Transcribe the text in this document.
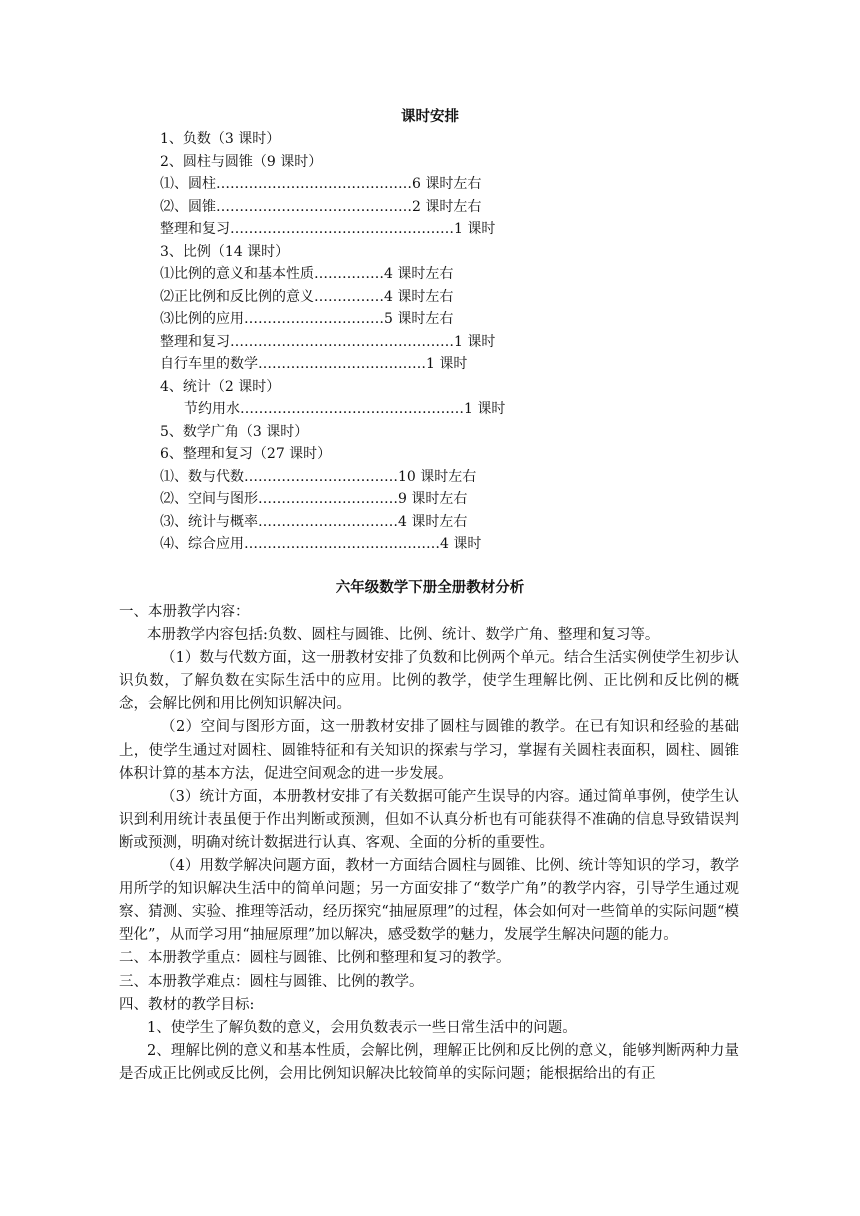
课时安排
1、负数（3 课时）
2、圆柱与圆锥（9 课时）
⑴、圆柱……………………………………6 课时左右
⑵、圆锥……………………………………2 课时左右
整理和复习…………………………………………1 课时
3、比例（14 课时）
⑴比例的意义和基本性质……………4 课时左右
⑵正比例和反比例的意义……………4 课时左右
⑶比例的应用…………………………5 课时左右
整理和复习…………………………………………1 课时
自行车里的数学………………………………1 课时
4、统计（2 课时）
节约用水…………………………………………1 课时
5、数学广角（3 课时）
6、整理和复习（27 课时）
⑴、数与代数……………………………10 课时左右
⑵、空间与图形…………………………9 课时左右
⑶、统计与概率…………………………4 课时左右
⑷、综合应用……………………………………4 课时
六年级数学下册全册教材分析
一、本册教学内容：
本册教学内容包括:负数、圆柱与圆锥、比例、统计、数学广角、整理和复习等。
（1）数与代数方面，这一册教材安排了负数和比例两个单元。结合生活实例使学生初步认识负数，了解负数在实际生活中的应用。比例的教学，使学生理解比例、正比例和反比例的概念，会解比例和用比例知识解决问。
（2）空间与图形方面，这一册教材安排了圆柱与圆锥的教学。在已有知识和经验的基础上，使学生通过对圆柱、圆锥特征和有关知识的探索与学习，掌握有关圆柱表面积，圆柱、圆锥体积计算的基本方法，促进空间观念的进一步发展。
（3）统计方面，本册教材安排了有关数据可能产生误导的内容。通过简单事例，使学生认识到利用统计表虽便于作出判断或预测，但如不认真分析也有可能获得不准确的信息导致错误判断或预测，明确对统计数据进行认真、客观、全面的分析的重要性。
（4）用数学解决问题方面，教材一方面结合圆柱与圆锥、比例、统计等知识的学习，教学用所学的知识解决生活中的简单问题；另一方面安排了“数学广角”的教学内容，引导学生通过观察、猜测、实验、推理等活动，经历探究“抽屉原理”的过程，体会如何对一些简单的实际问题“模型化”，从而学习用“抽屉原理”加以解决，感受数学的魅力，发展学生解决问题的能力。
二、本册教学重点：圆柱与圆锥、比例和整理和复习的教学。
三、本册教学难点：圆柱与圆锥、比例的教学。
四、教材的教学目标:
1、使学生了解负数的意义，会用负数表示一些日常生活中的问题。
2、理解比例的意义和基本性质，会解比例，理解正比例和反比例的意义，能够判断两种力量是否成正比例或反比例，会用比例知识解决比较简单的实际问题；能根据给出的有正
